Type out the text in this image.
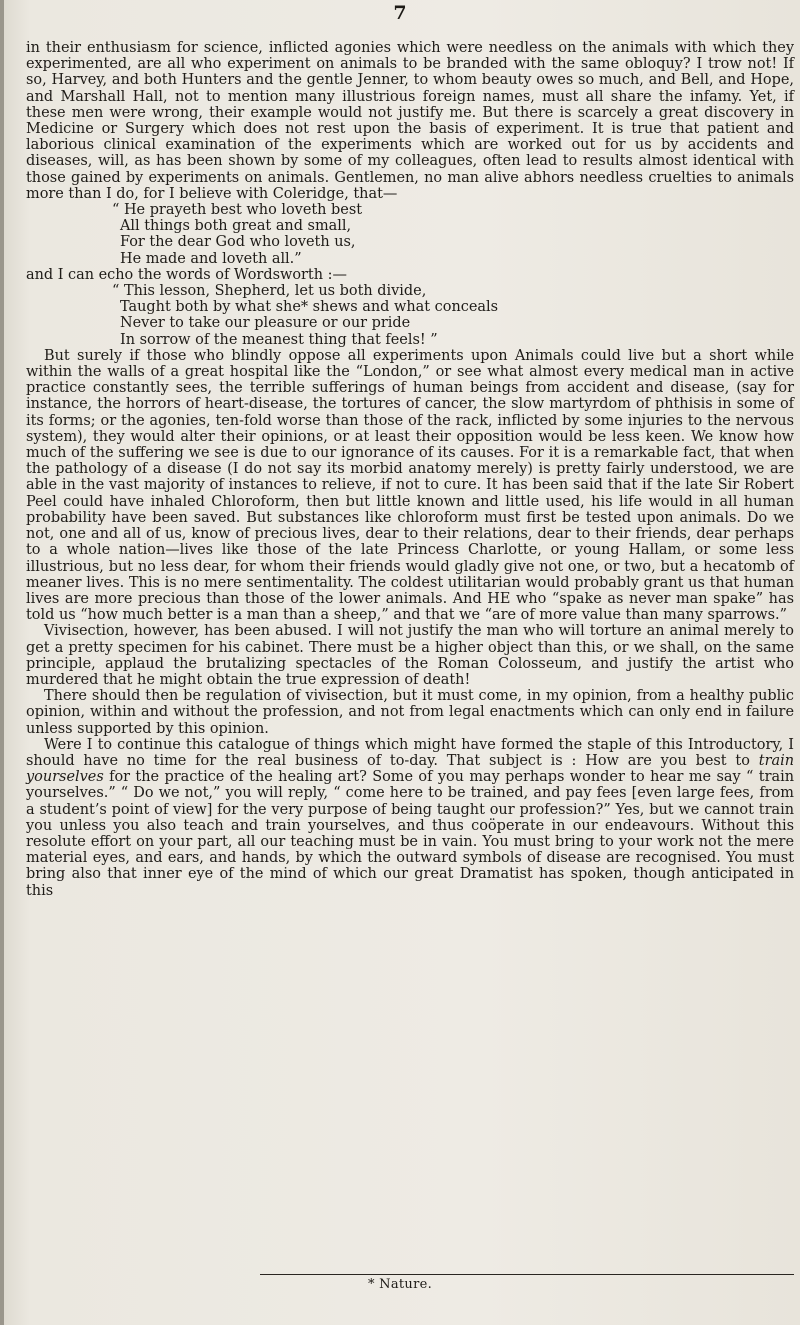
7

in their enthusiasm for science, inflicted agonies which were needless on the animals with which they experimented, are all who experiment on animals to be branded with the same obloquy? I trow not! If so, Harvey, and both Hunters and the gentle Jenner, to whom beauty owes so much, and Bell, and Hope, and Marshall Hall, not to mention many illustrious foreign names, must all share the infamy. Yet, if these men were wrong, their example would not justify me. But there is scarcely a great discovery in Medicine or Surgery which does not rest upon the basis of experiment. It is true that patient and laborious clinical examination of the experiments which are worked out for us by accidents and diseases, will, as has been shown by some of my colleagues, often lead to results almost identical with those gained by experiments on animals. Gentlemen, no man alive abhors needless cruelties to animals more than I do, for I believe with Coleridge, that—

“ He prayeth best who loveth best
All things both great and small,
For the dear God who loveth us,
He made and loveth all.”

and I can echo the words of Wordsworth :—

“ This lesson, Shepherd, let us both divide,
Taught both by what she* shews and what conceals
Never to take our pleasure or our pride
In sorrow of the meanest thing that feels! ”

But surely if those who blindly oppose all experiments upon Animals could live but a short while within the walls of a great hospital like the “London,” or see what almost every medical man in active practice constantly sees, the terrible sufferings of human beings from accident and disease, (say for instance, the horrors of heart-disease, the tortures of cancer, the slow martyrdom of phthisis in some of its forms; or the agonies, ten-fold worse than those of the rack, inflicted by some injuries to the nervous system), they would alter their opinions, or at least their opposition would be less keen. We know how much of the suffering we see is due to our ignorance of its causes. For it is a remarkable fact, that when the pathology of a disease (I do not say its morbid anatomy merely) is pretty fairly understood, we are able in the vast majority of instances to relieve, if not to cure. It has been said that if the late Sir Robert Peel could have inhaled Chloroform, then but little known and little used, his life would in all human probability have been saved. But substances like chloroform must first be tested upon animals. Do we not, one and all of us, know of precious lives, dear to their relations, dear to their friends, dear perhaps to a whole nation—lives like those of the late Princess Charlotte, or young Hallam, or some less illustrious, but no less dear, for whom their friends would gladly give not one, or two, but a hecatomb of meaner lives. This is no mere sentimentality. The coldest utilitarian would probably grant us that human lives are more precious than those of the lower animals. And HE who “spake as never man spake” has told us “how much better is a man than a sheep,” and that we “are of more value than many sparrows.”

Vivisection, however, has been abused. I will not justify the man who will torture an animal merely to get a pretty specimen for his cabinet. There must be a higher object than this, or we shall, on the same principle, applaud the brutalizing spectacles of the Roman Colosseum, and justify the artist who murdered that he might obtain the true expression of death!

There should then be regulation of vivisection, but it must come, in my opinion, from a healthy public opinion, within and without the profession, and not from legal enactments which can only end in failure unless supported by this opinion.

Were I to continue this catalogue of things which might have formed the staple of this Introductory, I should have no time for the real business of to-day. That subject is : How are you best to train yourselves for the practice of the healing art? Some of you may perhaps wonder to hear me say “ train yourselves.” “ Do we not,” you will reply, “ come here to be trained, and pay fees [even large fees, from a student’s point of view] for the very purpose of being taught our profession?” Yes, but we cannot train you unless you also teach and train yourselves, and thus coöperate in our endeavours. Without this resolute effort on your part, all our teaching must be in vain. You must bring to your work not the mere material eyes, and ears, and hands, by which the outward symbols of disease are recognised. You must bring also that inner eye of the mind of which our great Dramatist has spoken, though anticipated in this

* Nature.
